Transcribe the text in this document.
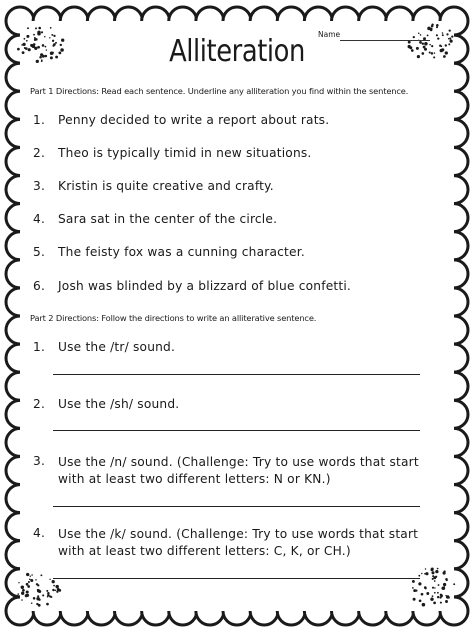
Name
Alliteration
Part 1 Directions: Read each sentence. Underline any alliteration you find within the sentence.
1. Penny decided to write a report about rats.
2. Theo is typically timid in new situations.
3. Kristin is quite creative and crafty.
4. Sara sat in the center of the circle.
5. The feisty fox was a cunning character.
6. Josh was blinded by a blizzard of blue confetti.
Part 2 Directions: Follow the directions to write an alliterative sentence.
1. Use the /tr/ sound.
2. Use the /sh/ sound.
3. Use the /n/ sound. (Challenge: Try to use words that start with at least two different letters: N or KN.)
4. Use the /k/ sound. (Challenge: Try to use words that start with at least two different letters: C, K, or CH.)
